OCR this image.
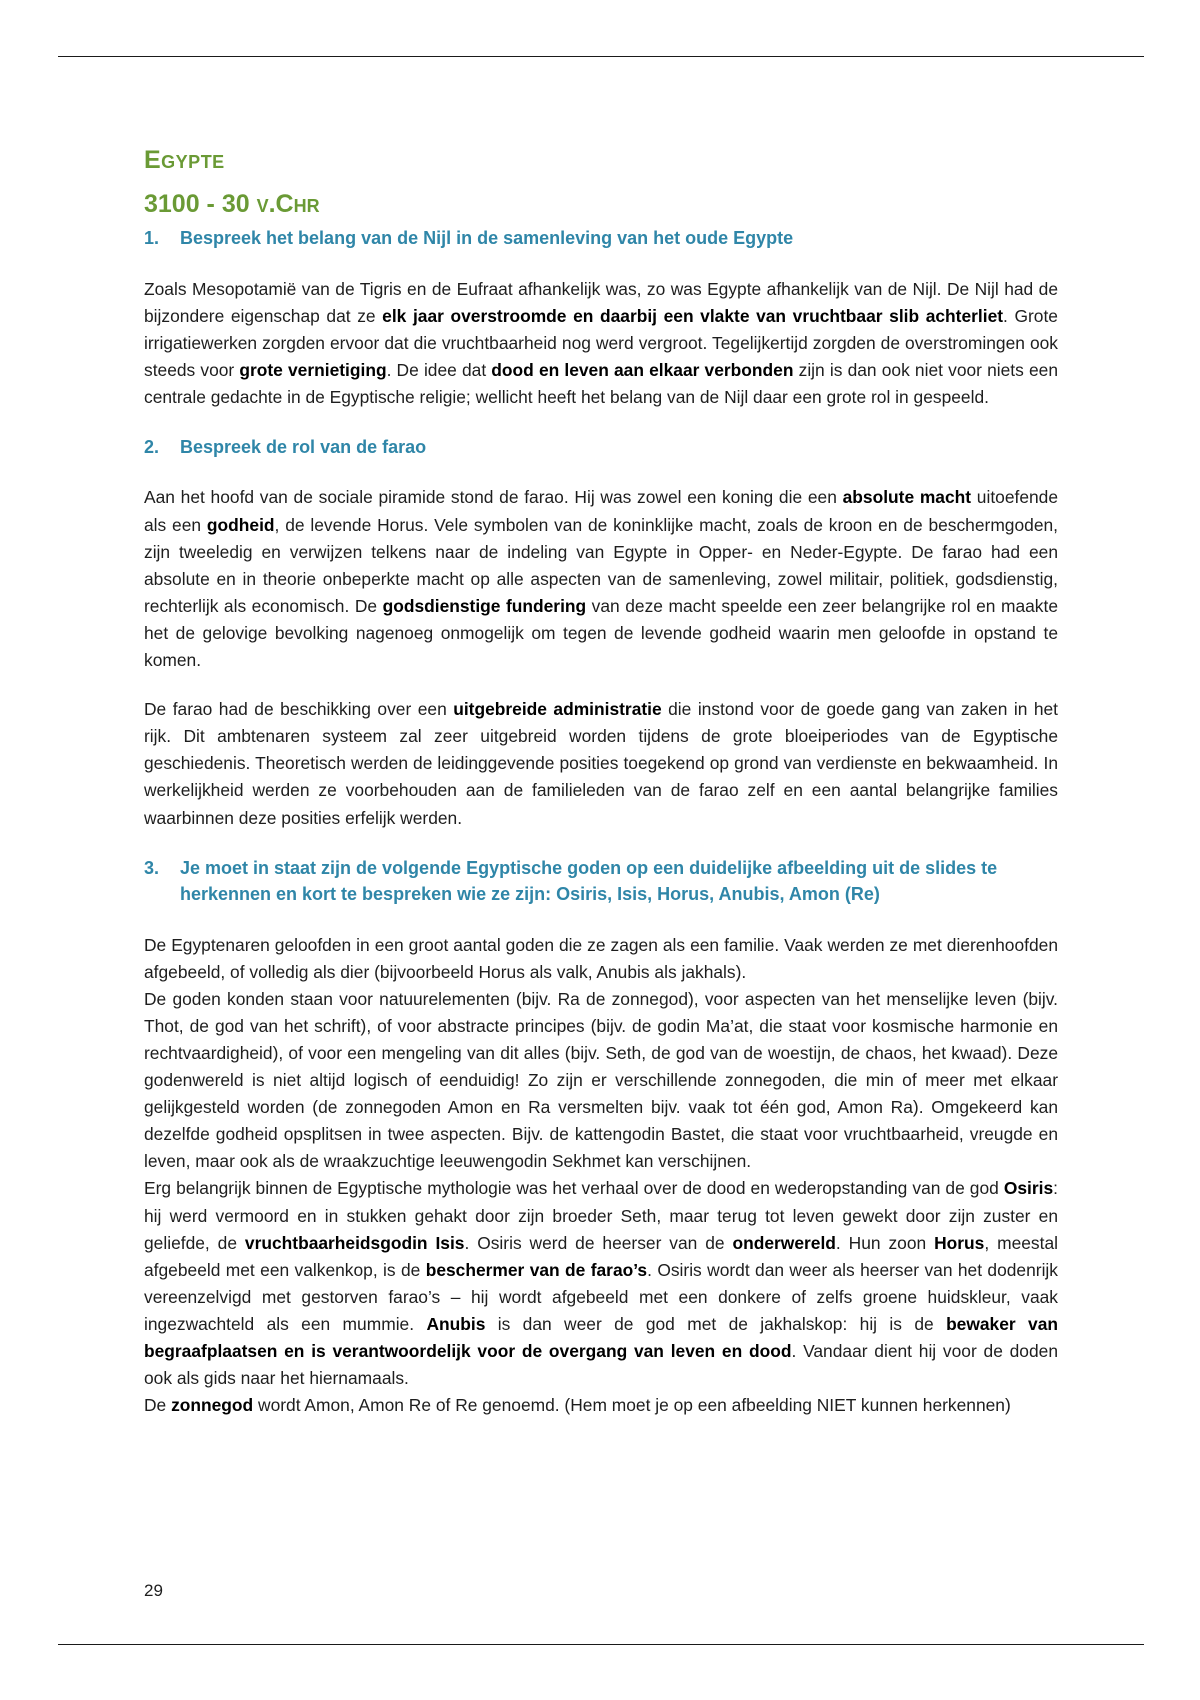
Egypte
3100 - 30 v.Chr
1.	Bespreek het belang van de Nijl in de samenleving van het oude Egypte

Zoals Mesopotamië van de Tigris en de Eufraat afhankelijk was, zo was Egypte afhankelijk van de Nijl. De Nijl had de bijzondere eigenschap dat ze elk jaar overstroomde en daarbij een vlakte van vruchtbaar slib achterliet. Grote irrigatiewerken zorgden ervoor dat die vruchtbaarheid nog werd vergroot. Tegelijkertijd zorgden de overstromingen ook steeds voor grote vernietiging. De idee dat dood en leven aan elkaar verbonden zijn is dan ook niet voor niets een centrale gedachte in de Egyptische religie; wellicht heeft het belang van de Nijl daar een grote rol in gespeeld.

2.	Bespreek de rol van de farao

Aan het hoofd van de sociale piramide stond de farao. Hij was zowel een koning die een absolute macht uitoefende als een godheid, de levende Horus. Vele symbolen van de koninklijke macht, zoals de kroon en de beschermgoden, zijn tweeledig en verwijzen telkens naar de indeling van Egypte in Opper- en Neder-Egypte. De farao had een absolute en in theorie onbeperkte macht op alle aspecten van de samenleving, zowel militair, politiek, godsdienstig, rechterlijk als economisch. De godsdienstige fundering van deze macht speelde een zeer belangrijke rol en maakte het de gelovige bevolking nagenoeg onmogelijk om tegen de levende godheid waarin men geloofde in opstand te komen.

De farao had de beschikking over een uitgebreide administratie die instond voor de goede gang van zaken in het rijk. Dit ambtenaren systeem zal zeer uitgebreid worden tijdens de grote bloeiperiodes van de Egyptische geschiedenis. Theoretisch werden de leidinggevende posities toegekend op grond van verdienste en bekwaamheid. In werkelijkheid werden ze voorbehouden aan de familieleden van de farao zelf en een aantal belangrijke families waarbinnen deze posities erfelijk werden.

3.	Je moet in staat zijn de volgende Egyptische goden op een duidelijke afbeelding uit de slides te herkennen en kort te bespreken wie ze zijn: Osiris, Isis, Horus, Anubis, Amon (Re)

De Egyptenaren geloofden in een groot aantal goden die ze zagen als een familie. Vaak werden ze met dierenhoofden afgebeeld, of volledig als dier (bijvoorbeeld Horus als valk, Anubis als jakhals).

De goden konden staan voor natuurelementen (bijv. Ra de zonnegod), voor aspecten van het menselijke leven (bijv. Thot, de god van het schrift), of voor abstracte principes (bijv. de godin Ma’at, die staat voor kosmische harmonie en rechtvaardigheid), of voor een mengeling van dit alles (bijv. Seth, de god van de woestijn, de chaos, het kwaad). Deze godenwereld is niet altijd logisch of eenduidig! Zo zijn er verschillende zonnegoden, die min of meer met elkaar gelijkgesteld worden (de zonnegoden Amon en Ra versmelten bijv. vaak tot één god, Amon Ra). Omgekeerd kan dezelfde godheid opsplitsen in twee aspecten. Bijv. de kattengodin Bastet, die staat voor vruchtbaarheid, vreugde en leven, maar ook als de wraakzuchtige leeuwengodin Sekhmet kan verschijnen.

Erg belangrijk binnen de Egyptische mythologie was het verhaal over de dood en wederopstanding van de god Osiris: hij werd vermoord en in stukken gehakt door zijn broeder Seth, maar terug tot leven gewekt door zijn zuster en geliefde, de vruchtbaarheidsgodin Isis. Osiris werd de heerser van de onderwereld. Hun zoon Horus, meestal afgebeeld met een valkenkop, is de beschermer van de farao’s. Osiris wordt dan weer als heerser van het dodenrijk vereenzelvigd met gestorven farao’s – hij wordt afgebeeld met een donkere of zelfs groene huidskleur, vaak ingezwachteld als een mummie. Anubis is dan weer de god met de jakhalskop: hij is de bewaker van begraafplaatsen en is verantwoordelijk voor de overgang van leven en dood. Vandaar dient hij voor de doden ook als gids naar het hiernamaals.

De zonnegod wordt Amon, Amon Re of Re genoemd. (Hem moet je op een afbeelding NIET kunnen herkennen)

29
